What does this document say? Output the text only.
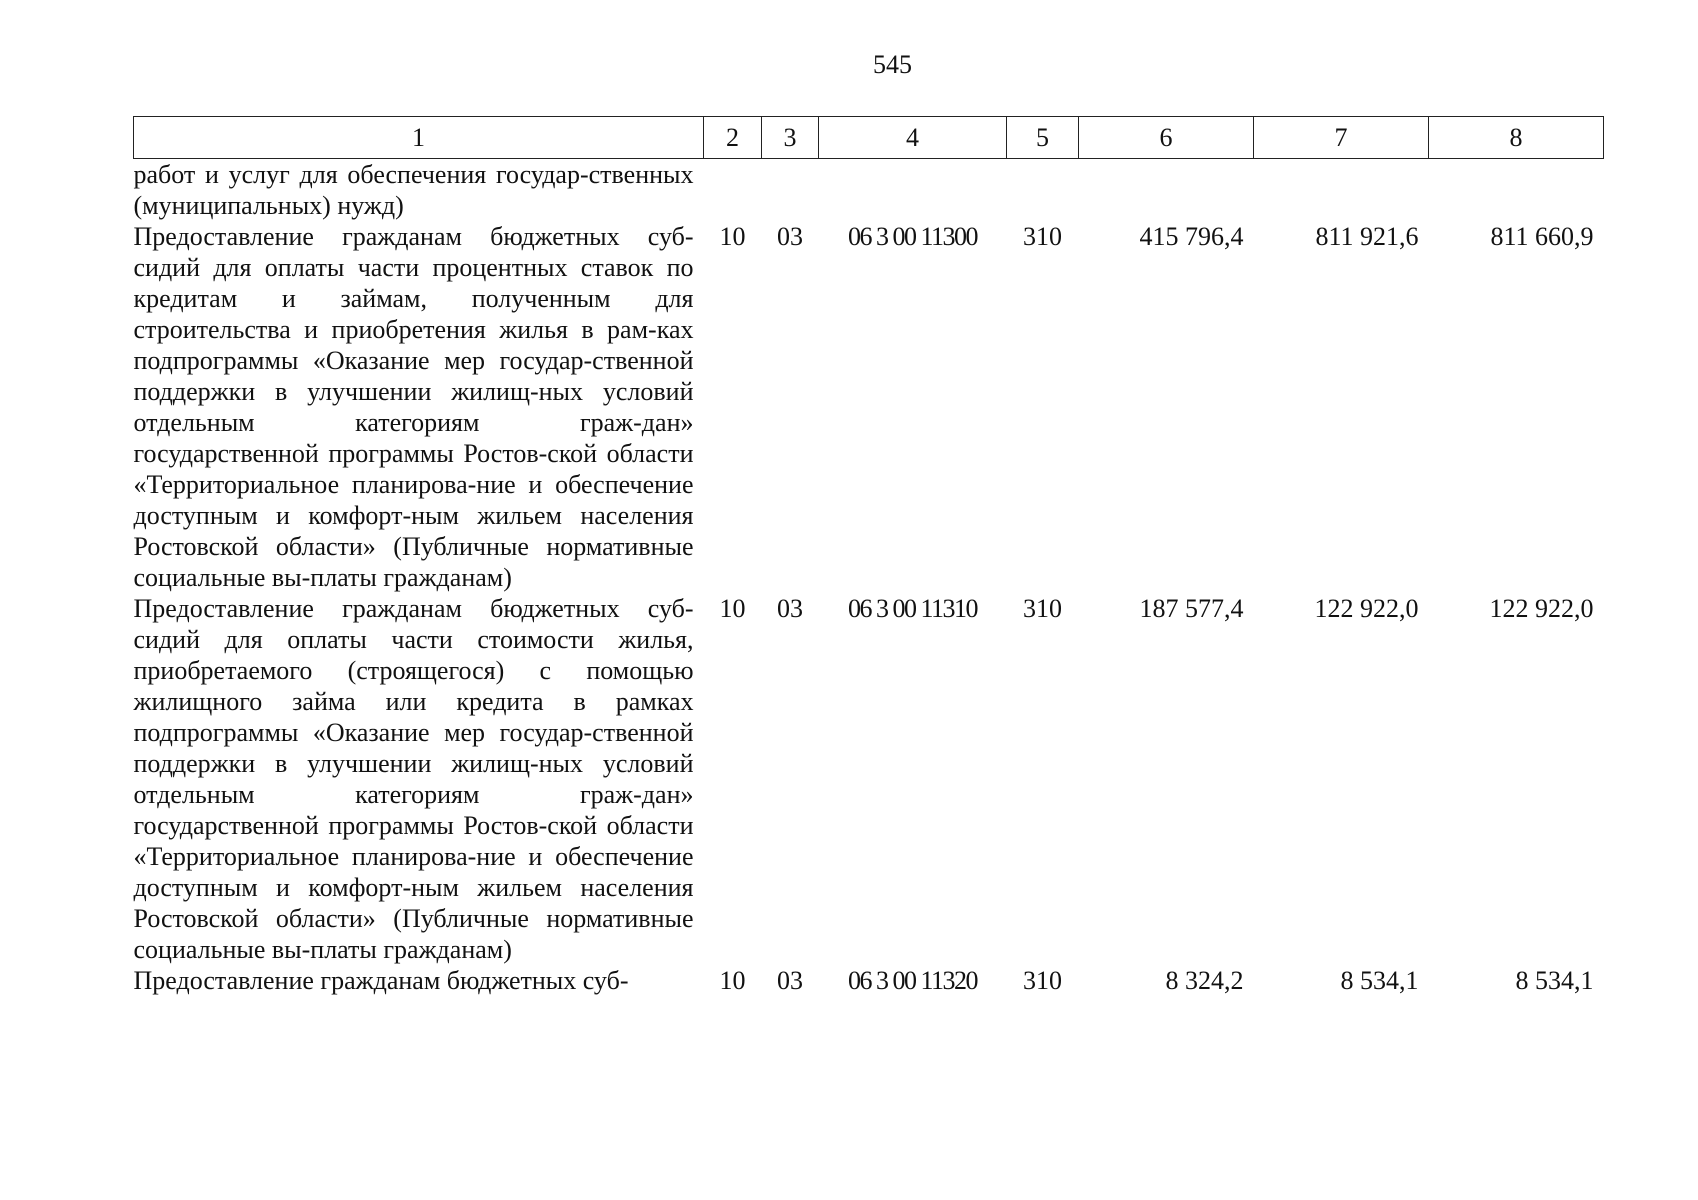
545
1	2	3	4	5	6	7	8
работ и услуг для обеспечения государ-ственных (муниципальных) нужд)							
Предоставление гражданам бюджетных суб-сидий для оплаты части процентных ставок по кредитам и займам, полученным для строительства и приобретения жилья в рам-ках подпрограммы «Оказание мер государ-ственной поддержки в улучшении жилищ-ных условий отдельным категориям граж-дан» государственной программы Ростов-ской области «Территориальное планирова-ние и обеспечение доступным и комфорт-ным жильем населения Ростовской области» (Публичные нормативные социальные вы-платы гражданам)	10	03	06 3 00 11300	310	415 796,4	811 921,6	811 660,9
Предоставление гражданам бюджетных суб-сидий для оплаты части стоимости жилья, приобретаемого (строящегося) с помощью жилищного займа или кредита в рамках подпрограммы «Оказание мер государ-ственной поддержки в улучшении жилищ-ных условий отдельным категориям граж-дан» государственной программы Ростов-ской области «Территориальное планирова-ние и обеспечение доступным и комфорт-ным жильем населения Ростовской области» (Публичные нормативные социальные вы-платы гражданам)	10	03	06 3 00 11310	310	187 577,4	122 922,0	122 922,0
Предоставление гражданам бюджетных суб-	10	03	06 3 00 11320	310	8 324,2	8 534,1	8 534,1
